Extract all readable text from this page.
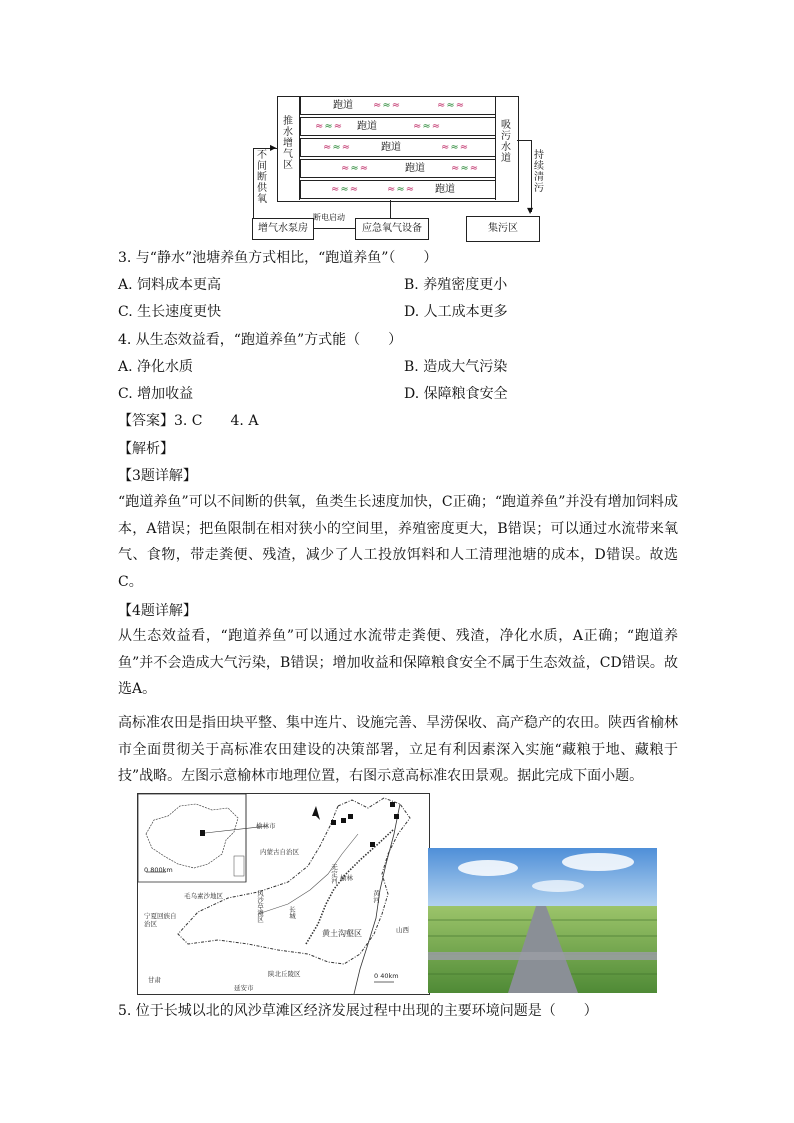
推水增气区
吸污水道
跑道 ≈≈≈	≈≈≈
≈≈≈ 跑道	≈≈≈
≈≈≈	跑道	≈≈≈
≈≈≈	跑道	≈≈≈
≈≈≈	≈≈≈ 跑道
▶
不间断供氧
▼
持续清污
增气水泵房
断电启动
应急氧气设备	集污区
3. 与“静水”池塘养鱼方式相比，“跑道养鱼”（　　）
A. 饲料成本更高	B. 养殖密度更小
C. 生长速度更快	D. 人工成本更多
4. 从生态效益看，“跑道养鱼”方式能（　　）
A. 净化水质	B. 造成大气污染
C. 增加收益	D. 保障粮食安全
【答案】3. C　　4. A
【解析】
【3题详解】
“跑道养鱼”可以不间断的供氧，鱼类生长速度加快，C正确；“跑道养鱼”并没有增加饲料成本，A错误；把鱼限制在相对狭小的空间里，养殖密度更大，B错误；可以通过水流带来氧气、食物，带走粪便、残渣，减少了人工投放饵料和人工清理池塘的成本，D错误。故选C。
【4题详解】
从生态效益看，“跑道养鱼”可以通过水流带走粪便、残渣，净化水质，A正确；“跑道养鱼”并不会造成大气污染，B错误；增加收益和保障粮食安全不属于生态效益，CD错误。故选A。
高标准农田是指田块平整、集中连片、设施完善、旱涝保收、高产稳产的农田。陕西省榆林市全面贯彻关于高标准农田建设的决策部署，立足有利因素深入实施“藏粮于地、藏粮于技”战略。左图示意榆林市地理位置，右图示意高标准农田景观。据此完成下面小题。
榆林市
内蒙古自治区
0 800km
毛乌素沙地区	风沙草滩区	长城
榆林
无定河
黄河
宁夏回族自治区
黄土沟壑区	山西
甘肃
延安市
陕北丘陵区	0 40km
5. 位于长城以北的风沙草滩区经济发展过程中出现的主要环境问题是（　　）
